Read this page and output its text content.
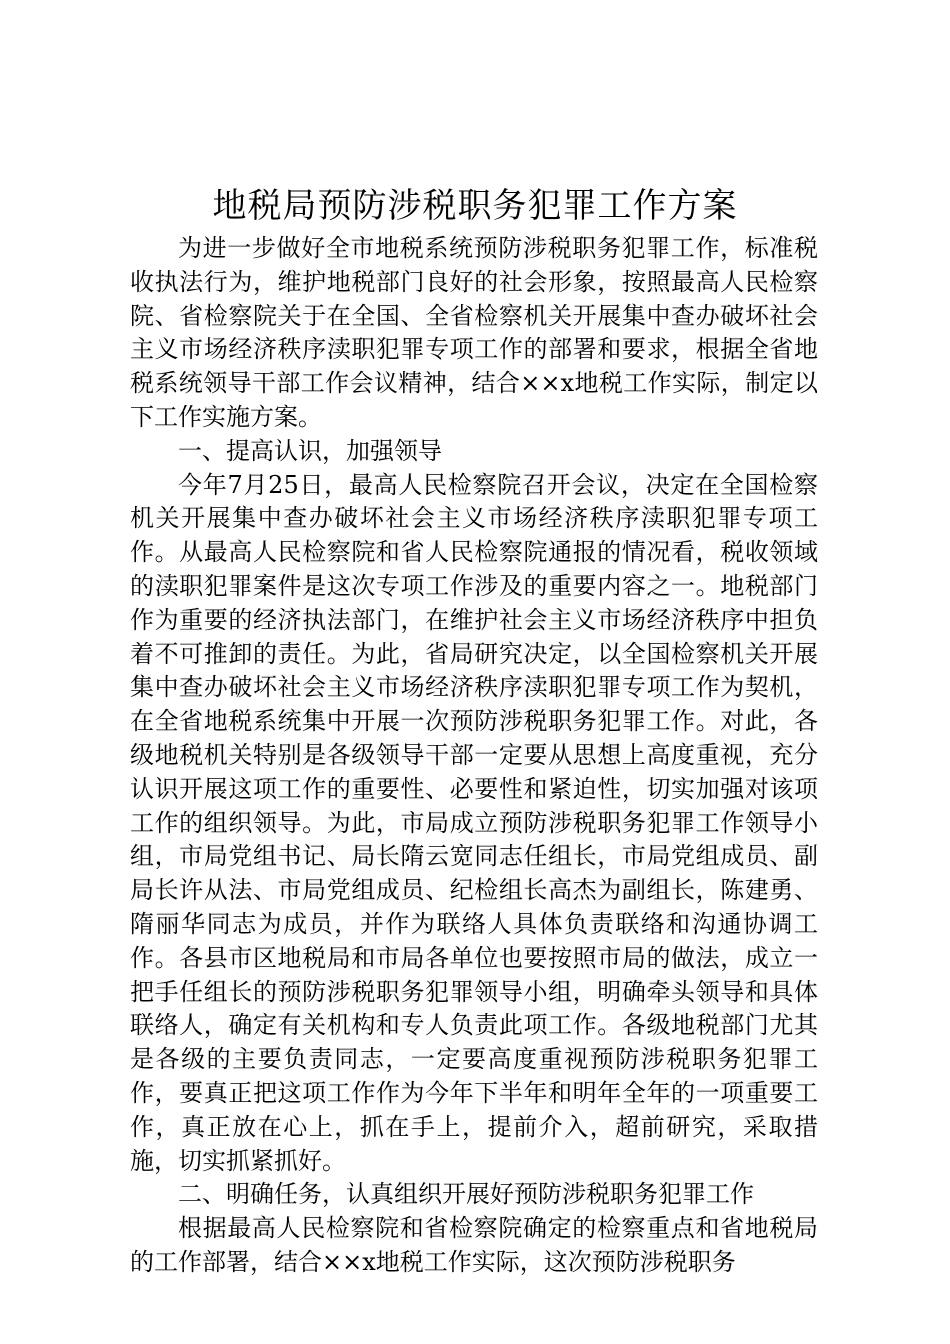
地税局预防涉税职务犯罪工作方案

为进一步做好全市地税系统预防涉税职务犯罪工作，标准税收执法行为，维护地税部门良好的社会形象，按照最高人民检察院、省检察院关于在全国、全省检察机关开展集中查办破坏社会主义市场经济秩序渎职犯罪专项工作的部署和要求，根据全省地税系统领导干部工作会议精神，结合××x地税工作实际，制定以下工作实施方案。

一、提高认识，加强领导

今年7月25日，最高人民检察院召开会议，决定在全国检察机关开展集中查办破坏社会主义市场经济秩序渎职犯罪专项工作。从最高人民检察院和省人民检察院通报的情况看，税收领域的渎职犯罪案件是这次专项工作涉及的重要内容之一。地税部门作为重要的经济执法部门，在维护社会主义市场经济秩序中担负着不可推卸的责任。为此，省局研究决定，以全国检察机关开展集中查办破坏社会主义市场经济秩序渎职犯罪专项工作为契机，在全省地税系统集中开展一次预防涉税职务犯罪工作。对此，各级地税机关特别是各级领导干部一定要从思想上高度重视，充分认识开展这项工作的重要性、必要性和紧迫性，切实加强对该项工作的组织领导。为此，市局成立预防涉税职务犯罪工作领导小组，市局党组书记、局长隋云宽同志任组长，市局党组成员、副局长许从法、市局党组成员、纪检组长高杰为副组长，陈建勇、隋丽华同志为成员，并作为联络人具体负责联络和沟通协调工作。各县市区地税局和市局各单位也要按照市局的做法，成立一把手任组长的预防涉税职务犯罪领导小组，明确牵头领导和具体联络人，确定有关机构和专人负责此项工作。各级地税部门尤其是各级的主要负责同志，一定要高度重视预防涉税职务犯罪工作，要真正把这项工作作为今年下半年和明年全年的一项重要工作，真正放在心上，抓在手上，提前介入，超前研究，采取措施，切实抓紧抓好。

二、明确任务，认真组织开展好预防涉税职务犯罪工作

根据最高人民检察院和省检察院确定的检察重点和省地税局的工作部署，结合××x地税工作实际，这次预防涉税职务
